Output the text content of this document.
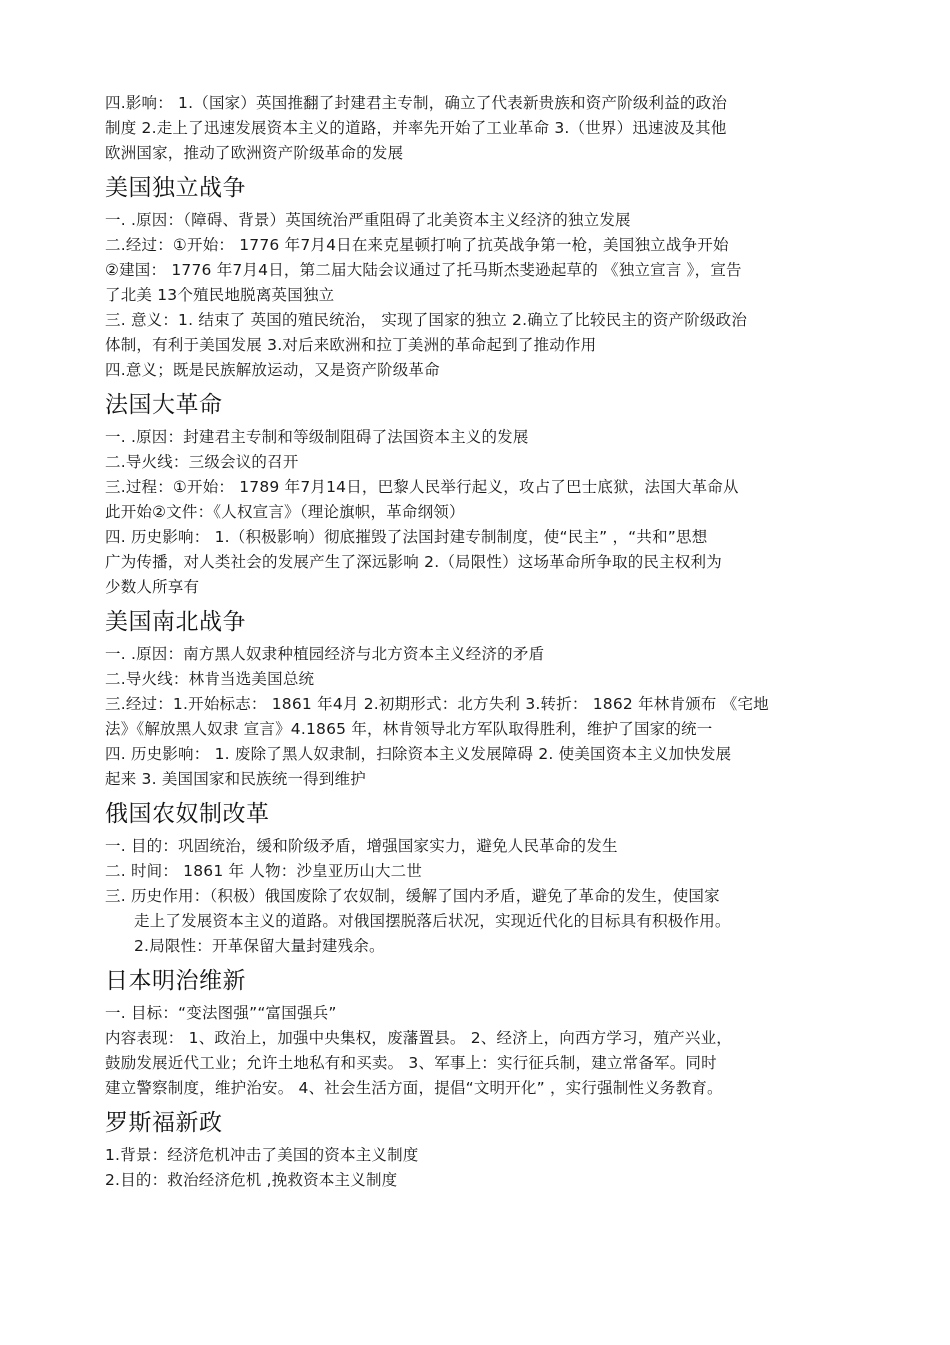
四.影响： 1.（国家）英国推翻了封建君主专制，确立了代表新贵族和资产阶级利益的政治
制度 2.走上了迅速发展资本主义的道路，并率先开始了工业革命 3.（世界）迅速波及其他
欧洲国家，推动了欧洲资产阶级革命的发展
美国独立战争
一. .原因：（障碍、背景）英国统治严重阻碍了北美资本主义经济的独立发展
二.经过：①开始： 1776 年7月4日在来克星顿打响了抗英战争第一枪，美国独立战争开始
②建国： 1776 年7月4日，第二届大陆会议通过了托马斯杰斐逊起草的 《独立宣言 》，宣告
了北美 13个殖民地脱离英国独立
三. 意义：1. 结束了 英国的殖民统治， 实现了国家的独立 2.确立了比较民主的资产阶级政治
体制，有利于美国发展 3.对后来欧洲和拉丁美洲的革命起到了推动作用
四.意义；既是民族解放运动，又是资产阶级革命
法国大革命
一. .原因：封建君主专制和等级制阻碍了法国资本主义的发展
二.导火线：三级会议的召开
三.过程：①开始： 1789 年7月14日，巴黎人民举行起义，攻占了巴士底狱，法国大革命从
此开始②文件：《人权宣言》（理论旗帜，革命纲领）
四. 历史影响： 1.（积极影响）彻底摧毁了法国封建专制制度，使“民主” ，“共和”思想
广为传播，对人类社会的发展产生了深远影响 2.（局限性）这场革命所争取的民主权利为
少数人所享有
美国南北战争
一. .原因：南方黑人奴隶种植园经济与北方资本主义经济的矛盾
二.导火线：林肯当选美国总统
三.经过：1.开始标志： 1861 年4月 2.初期形式：北方失利 3.转折： 1862 年林肯颁布 《宅地
法》《解放黑人奴隶 宣言》4.1865 年，林肯领导北方军队取得胜利，维护了国家的统一
四. 历史影响： 1. 废除了黑人奴隶制，扫除资本主义发展障碍 2. 使美国资本主义加快发展
起来 3. 美国国家和民族统一得到维护
俄国农奴制改革
一. 目的：巩固统治，缓和阶级矛盾，增强国家实力，避免人民革命的发生
二. 时间： 1861 年 人物：沙皇亚历山大二世
三. 历史作用：（积极）俄国废除了农奴制，缓解了国内矛盾，避免了革命的发生，使国家
走上了发展资本主义的道路。对俄国摆脱落后状况，实现近代化的目标具有积极作用。
2.局限性：开革保留大量封建残余。
日本明治维新
一. 目标：“变法图强”“富国强兵”
内容表现： 1、政治上，加强中央集权，废藩置县。 2、经济上，向西方学习，殖产兴业，
鼓励发展近代工业；允许土地私有和买卖。 3、军事上：实行征兵制，建立常备军。同时
建立警察制度，维护治安。 4、社会生活方面，提倡“文明开化” ，实行强制性义务教育。
罗斯福新政
1.背景：经济危机冲击了美国的资本主义制度
2.目的：救治经济危机 ,挽救资本主义制度
